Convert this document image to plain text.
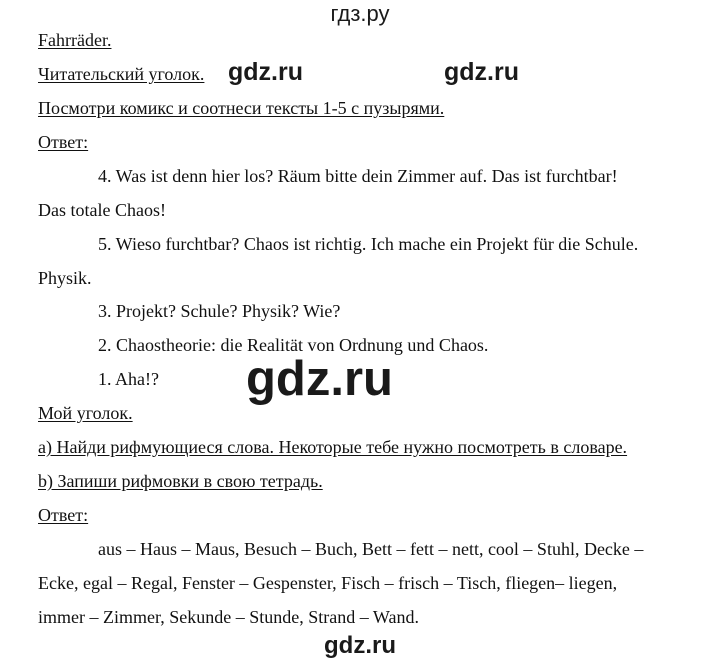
гдз.ру
Fahrräder.
Читательский уголок. gdz.ru	gdz.ru
Посмотри комикс и соотнеси тексты 1-5 с пузырями.
Ответ:
4. Was ist denn hier los? Räum bitte dein Zimmer auf. Das ist furchtbar!
Das totale Chaos!
5. Wieso furchtbar? Chaos ist richtig. Ich mache ein Projekt für die Schule.
Physik.
3. Projekt? Schule? Physik? Wie?
2. Chaostheorie: die Realität von Ordnung und Chaos.
1. Aha!? gdz.ru
Мой уголок.
a) Найди рифмующиеся слова. Некоторые тебе нужно посмотреть в словаре.
b) Запиши рифмовки в свою тетрадь.
Ответ:
aus – Haus – Maus, Besuch – Buch, Bett – fett – nett, cool – Stuhl, Decke –
Ecke, egal – Regal, Fenster – Gespenster, Fisch – frisch – Tisch, fliegen– liegen,
immer – Zimmer, Sekunde – Stunde, Strand – Wand.
gdz.ru
